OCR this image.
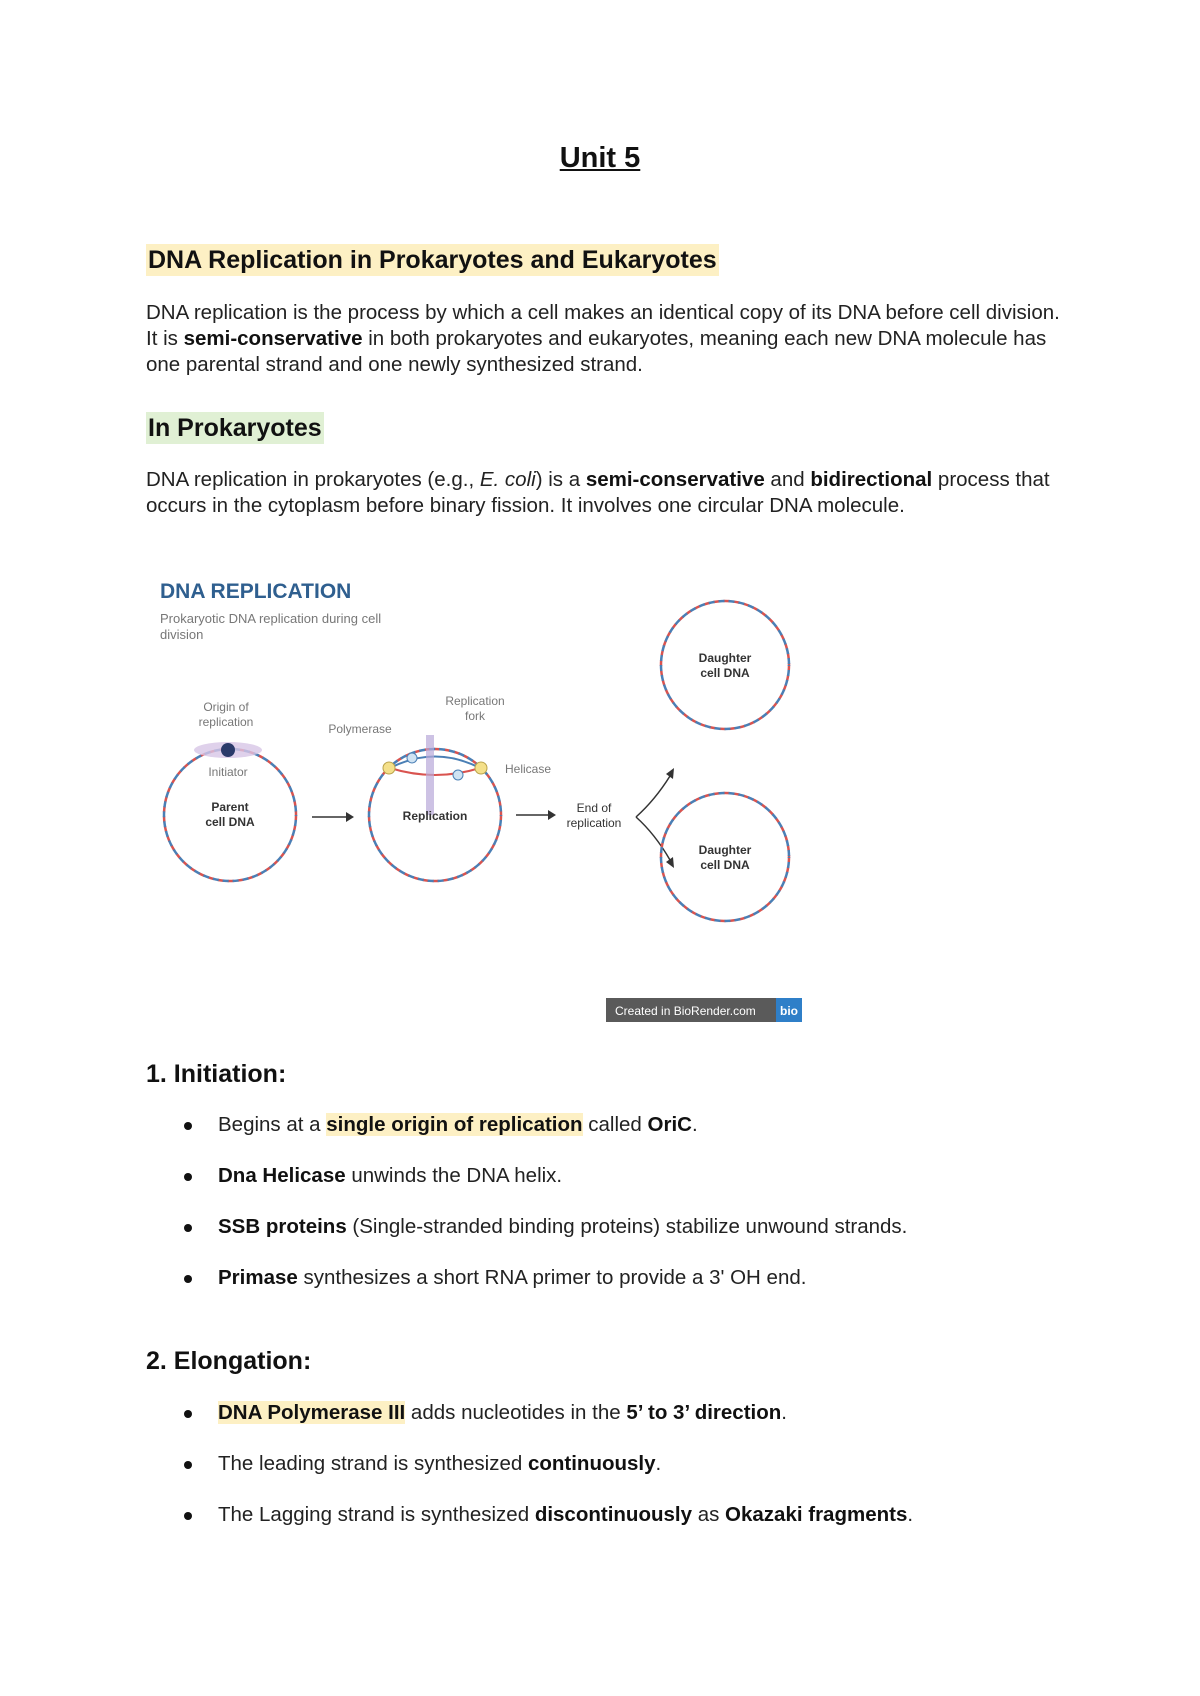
Unit 5
DNA Replication in Prokaryotes and Eukaryotes

DNA replication is the process by which a cell makes an identical copy of its DNA before cell division. It is semi-conservative in both prokaryotes and eukaryotes, meaning each new DNA molecule has one parental strand and one newly synthesized strand.

In Prokaryotes

DNA replication in prokaryotes (e.g., E. coli) is a semi-conservative and bidirectional process that occurs in the cytoplasm before binary fission. It involves one circular DNA molecule.

DNA REPLICATION
Prokaryotic DNA replication during cell
division
Origin of
replication
Initiator
Parent
cell DNA
Polymerase
Replication
fork
Helicase
Replication
End of
replication
Daughter
cell DNA
Daughter
cell DNA
Created in BioRender.com bio
1. Initiation:
Begins at a single origin of replication called OriC.
Dna Helicase unwinds the DNA helix.
SSB proteins (Single-stranded binding proteins) stabilize unwound strands.
Primase synthesizes a short RNA primer to provide a 3' OH end.
2. Elongation:
DNA Polymerase III adds nucleotides in the 5’ to 3’ direction.
The leading strand is synthesized continuously.
The Lagging strand is synthesized discontinuously as Okazaki fragments.
